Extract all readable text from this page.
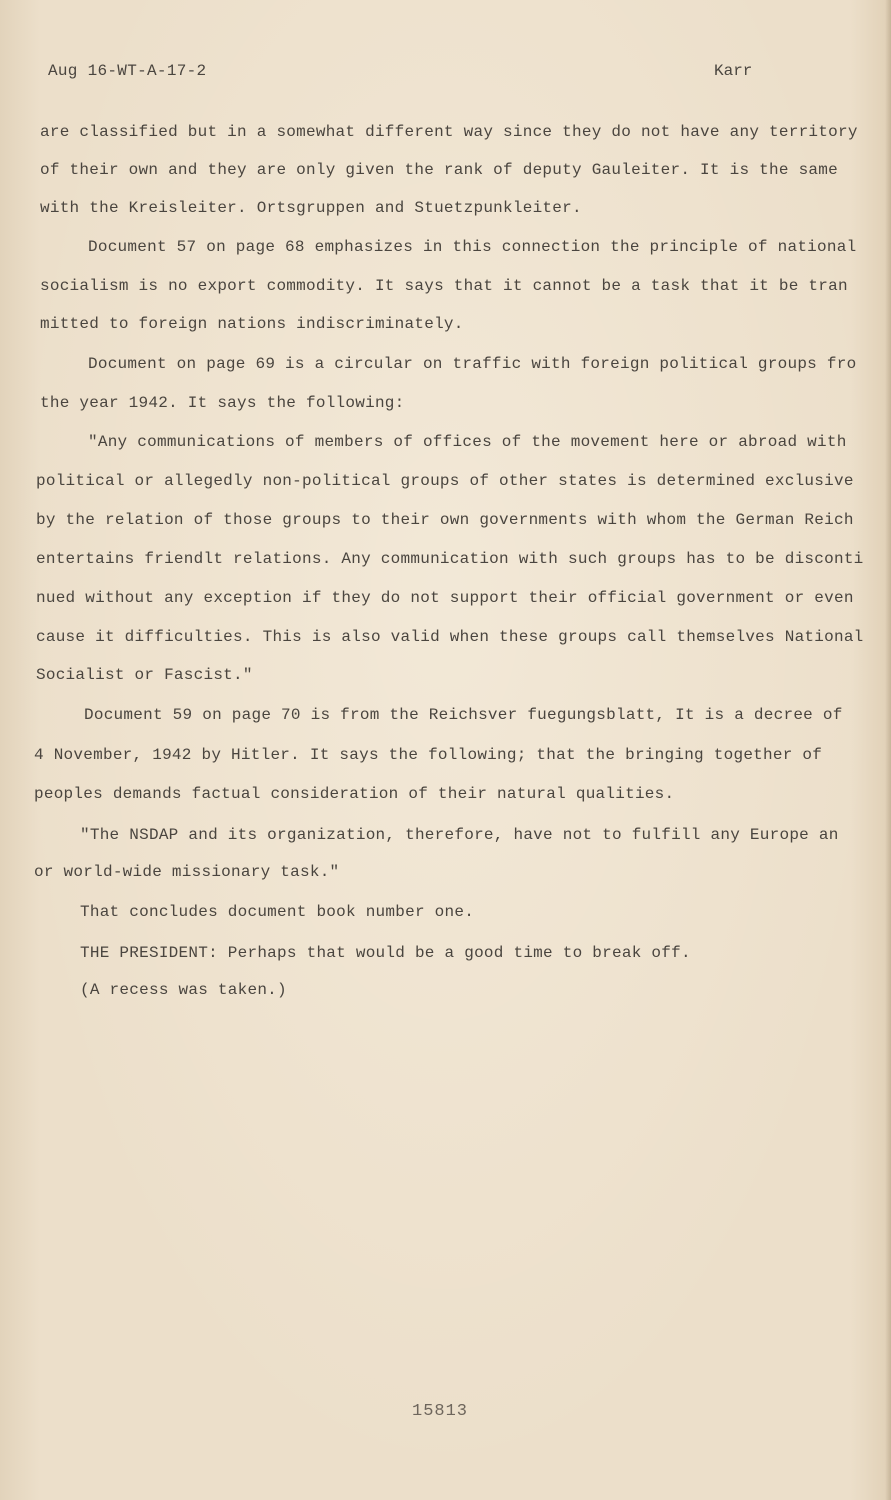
Aug 16-WT-A-17-2	Karr
are classified but in a somewhat different way since they do not have any territory
of their own and they are only given the rank of deputy Gauleiter. It is the same
with the Kreisleiter. Ortsgruppen and Stuetzpunkleiter.
Document 57 on page 68 emphasizes in this connection the principle of national
socialism is no export commodity. It says that it cannot be a task that it be tran
mitted to foreign nations indiscriminately.
Document on page 69 is a circular on traffic with foreign political groups fro
the year 1942. It says the following:
"Any communications of members of offices of the movement here or abroad with
political or allegedly non-political groups of other states is determined exclusive
by the relation of those groups to their own governments with whom the German Reich
entertains friendlt relations. Any communication with such groups has to be disconti
nued without any exception if they do not support their official government or even
cause it difficulties. This is also valid when these groups call themselves National
Socialist or Fascist."
Document 59 on page 70 is from the Reichsver fuegungsblatt, It is a decree of
4 November, 1942 by Hitler. It says the following; that the bringing together of
peoples demands factual consideration of their natural qualities.
"The NSDAP and its organization, therefore, have not to fulfill any Europe an
or world-wide missionary task."
That concludes document book number one.
THE PRESIDENT: Perhaps that would be a good time to break off.
(A recess was taken.)
15813
